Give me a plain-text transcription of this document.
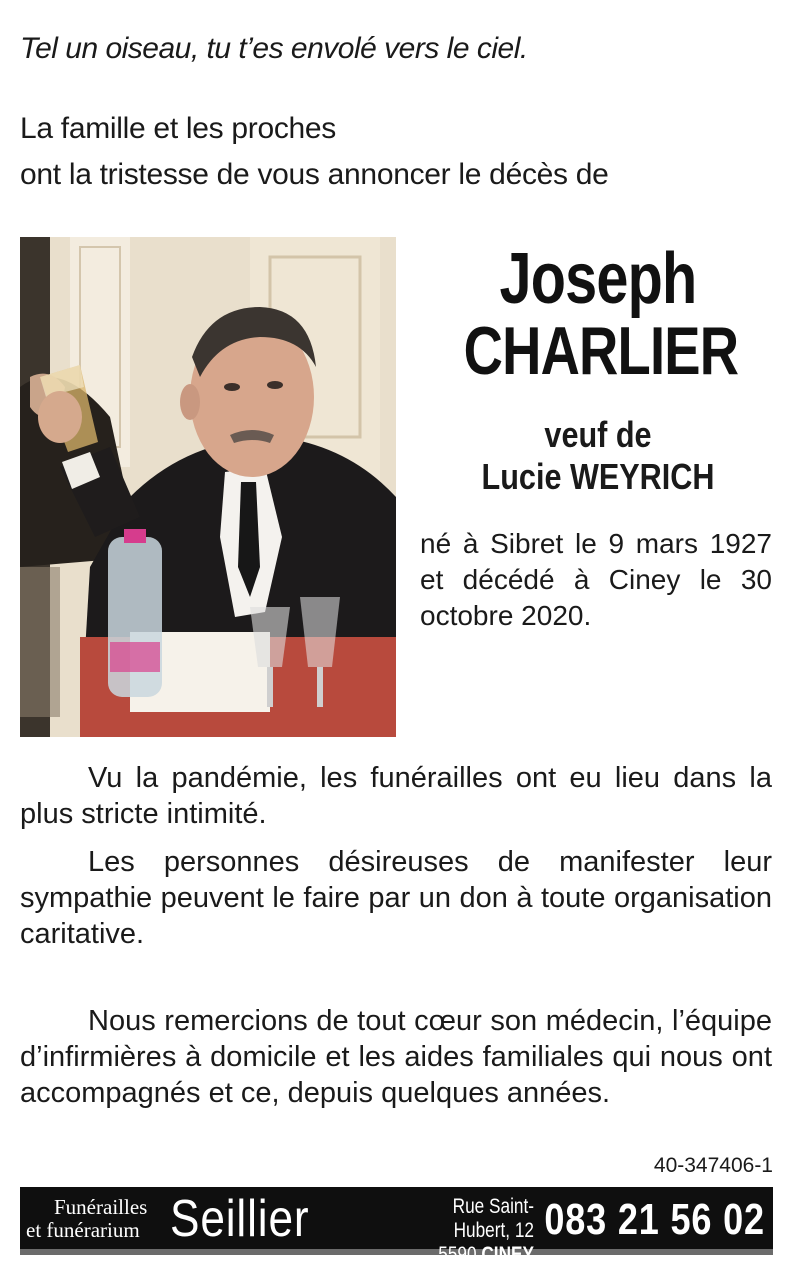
Tel un oiseau, tu t’es envolé vers le ciel.
La famille et les proches
ont la tristesse de vous annoncer le décès de
Joseph
CHARLIER
veuf de
Lucie WEYRICH
né à Sibret le 9 mars 1927 et décédé à Ciney le 30 octobre 2020.

Vu la pandémie, les funérailles ont eu lieu dans la plus stricte intimité.

Les personnes désireuses de manifester leur sympathie peuvent le faire par un don à toute organisation caritative.

Nous remercions de tout cœur son médecin, l’équipe d’infirmières à domicile et les aides familiales qui nous ont accompagnés et ce, depuis quelques années.

40-347406-1
Funérailles
et funérarium Seillier	Rue Saint-Hubert, 12
5590 CINEY
083 21 56 02
